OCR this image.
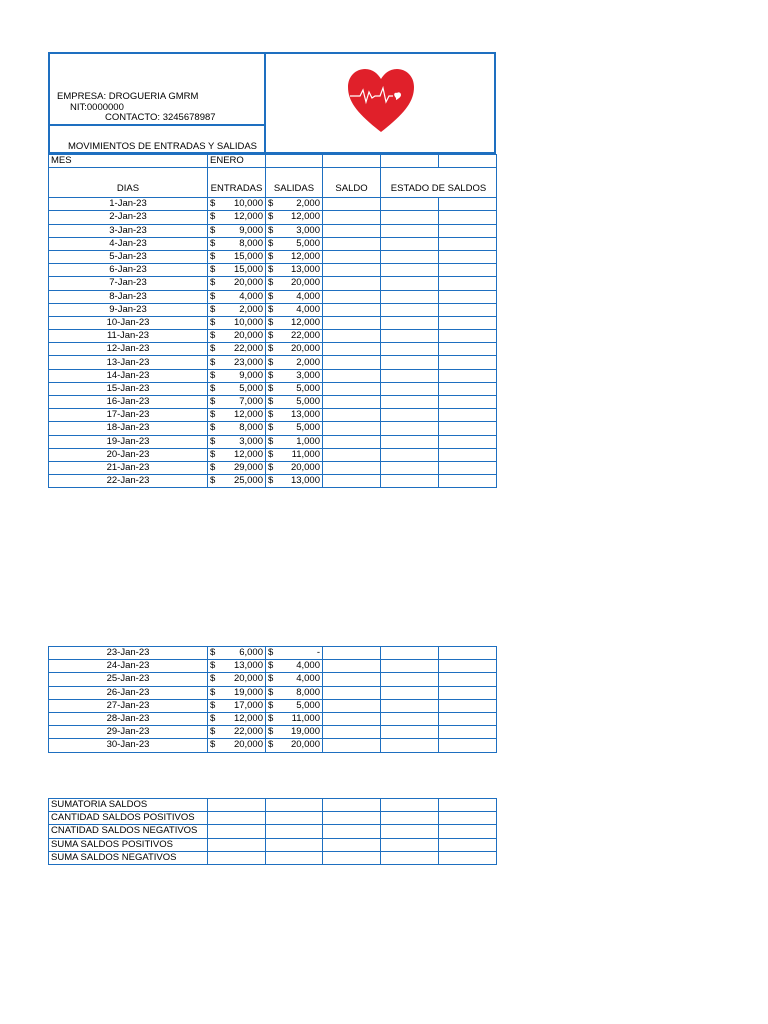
EMPRESA: DROGUERIA GMRM
NIT:0000000
CONTACTO: 3245678987
MOVIMIENTOS DE ENTRADAS Y SALIDAS
MES	ENERO				
DIAS	ENTRADAS	SALIDAS	SALDO	ESTADO DE SALDOS	
1-Jan-23	$ 10,000	$ 2,000			

2-Jan-23	$ 12,000	$ 12,000			

3-Jan-23	$ 9,000	$ 3,000			

4-Jan-23	$ 8,000	$ 5,000			

5-Jan-23	$ 15,000	$ 12,000			

6-Jan-23	$ 15,000	$ 13,000			

7-Jan-23	$ 20,000	$ 20,000			

8-Jan-23	$ 4,000	$ 4,000			

9-Jan-23	$ 2,000	$ 4,000			

10-Jan-23	$ 10,000	$ 12,000			

11-Jan-23	$ 20,000	$ 22,000			

12-Jan-23	$ 22,000	$ 20,000			

13-Jan-23	$ 23,000	$ 2,000			

14-Jan-23	$ 9,000	$ 3,000			

15-Jan-23	$ 5,000	$ 5,000			

16-Jan-23	$ 7,000	$ 5,000			

17-Jan-23	$ 12,000	$ 13,000			

18-Jan-23	$ 8,000	$ 5,000			

19-Jan-23	$ 3,000	$ 1,000			

20-Jan-23	$ 12,000	$ 11,000			

21-Jan-23	$ 29,000	$ 20,000			

22-Jan-23	$ 25,000	$ 13,000			

23-Jan-23	$ 6,000	$ -			

24-Jan-23	$ 13,000	$ 4,000			

25-Jan-23	$ 20,000	$ 4,000			

26-Jan-23	$ 19,000	$ 8,000			

27-Jan-23	$ 17,000	$ 5,000			

28-Jan-23	$ 12,000	$ 11,000			

29-Jan-23	$ 22,000	$ 19,000			

30-Jan-23	$ 20,000	$ 20,000			

SUMATORIA SALDOS					
CANTIDAD SALDOS POSITIVOS					
CNATIDAD SALDOS NEGATIVOS					
SUMA SALDOS POSITIVOS					
SUMA SALDOS NEGATIVOS					
